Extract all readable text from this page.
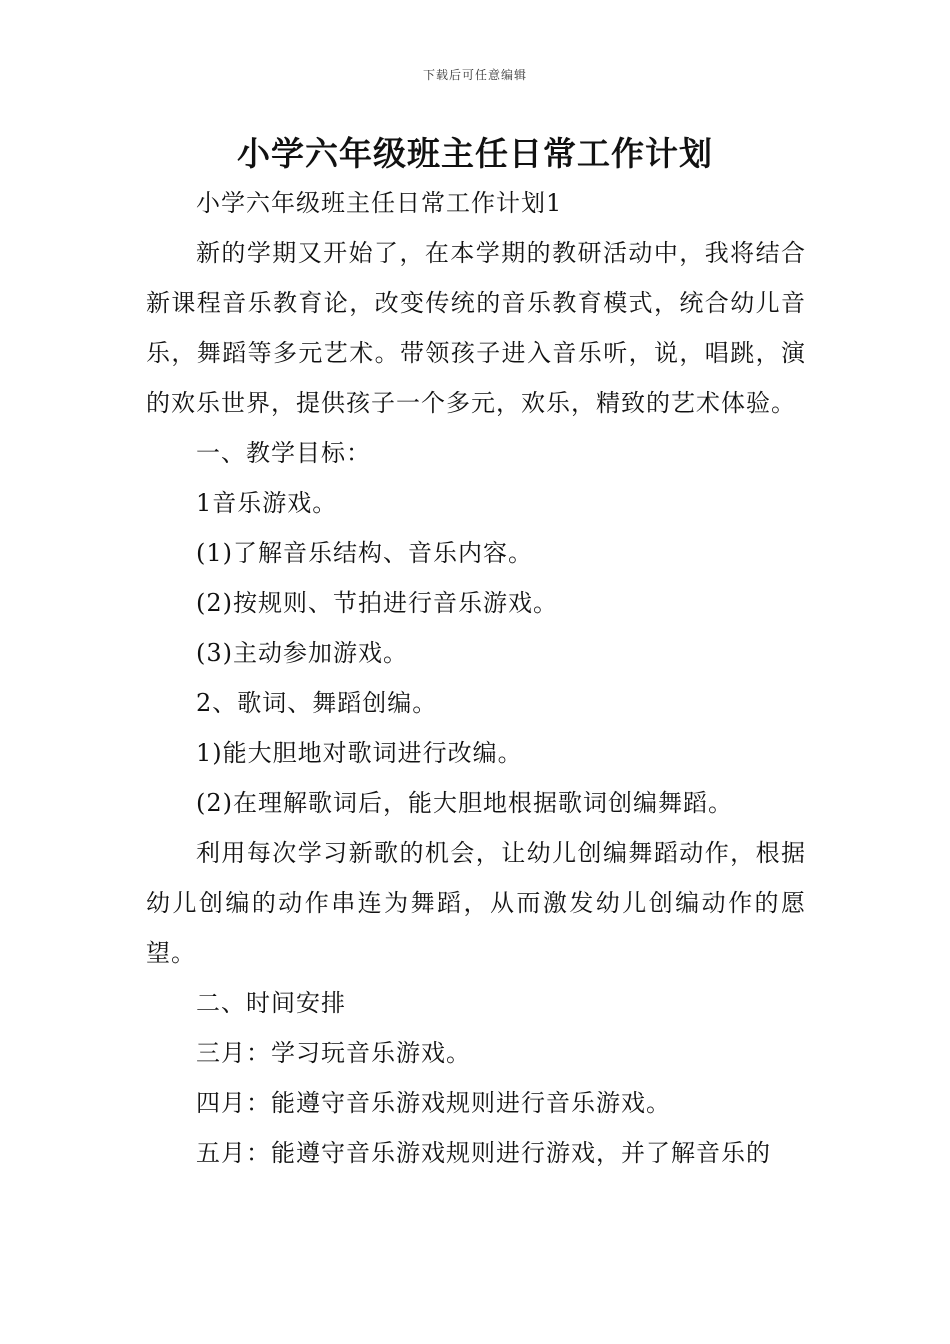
下载后可任意编辑
小学六年级班主任日常工作计划

小学六年级班主任日常工作计划1

新的学期又开始了，在本学期的教研活动中，我将结合新课程音乐教育论，改变传统的音乐教育模式，统合幼儿音乐，舞蹈等多元艺术。带领孩子进入音乐听，说，唱跳，演的欢乐世界，提供孩子一个多元，欢乐，精致的艺术体验。

一、教学目标：

1音乐游戏。

(1)了解音乐结构、音乐内容。

(2)按规则、节拍进行音乐游戏。

(3)主动参加游戏。

2、歌词、舞蹈创编。

1)能大胆地对歌词进行改编。

(2)在理解歌词后，能大胆地根据歌词创编舞蹈。

利用每次学习新歌的机会，让幼儿创编舞蹈动作，根据幼儿创编的动作串连为舞蹈，从而激发幼儿创编动作的愿望。

二、时间安排

三月：学习玩音乐游戏。

四月：能遵守音乐游戏规则进行音乐游戏。

五月：能遵守音乐游戏规则进行游戏，并了解音乐的
